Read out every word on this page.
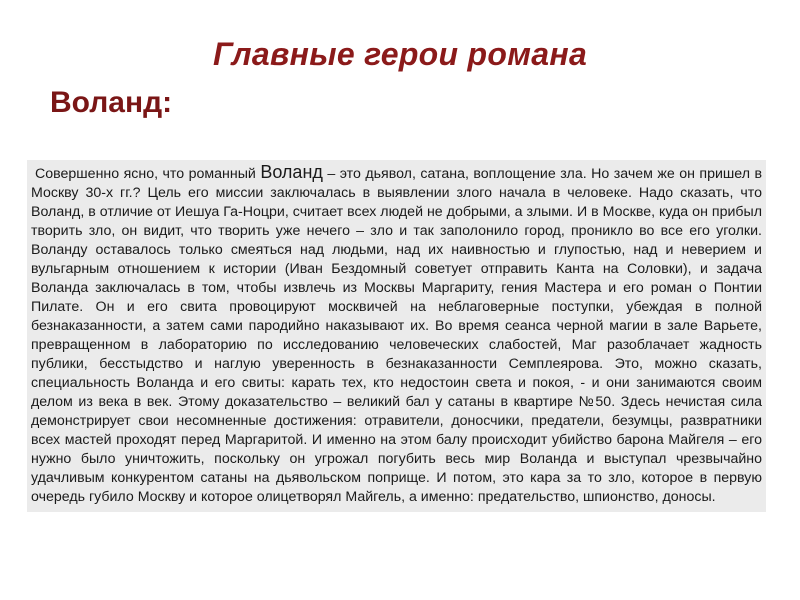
Главные герои романа
Воланд:

Совершенно ясно, что романный Воланд – это дьявол, сатана, воплощение зла. Но зачем же он пришел в Москву 30-х гг.? Цель его миссии заключалась в выявлении злого начала в человеке. Надо сказать, что Воланд, в отличие от Иешуа Га-Ноцри, считает всех людей не добрыми, а злыми. И в Москве, куда он прибыл творить зло, он видит, что творить уже нечего – зло и так заполонило город, проникло во все его уголки. Воланду оставалось только смеяться над людьми, над их наивностью и глупостью, над и неверием и вульгарным отношением к истории (Иван Бездомный советует отправить Канта на Соловки), и задача Воланда заключалась в том, чтобы извлечь из Москвы Маргариту, гения Мастера и его роман о Понтии Пилате. Он и его свита провоцируют москвичей на неблаговерные поступки, убеждая в полной безнаказанности, а затем сами пародийно наказывают их. Во время сеанса черной магии в зале Варьете, превращенном в лабораторию по исследованию человеческих слабостей, Маг разоблачает жадность публики, бесстыдство и наглую уверенность в безнаказанности Семплеярова. Это, можно сказать, специальность Воланда и его свиты: карать тех, кто недостоин света и покоя, - и они занимаются своим делом из века в век. Этому доказательство – великий бал у сатаны в квартире №50. Здесь нечистая сила демонстрирует свои несомненные достижения: отравители, доносчики, предатели, безумцы, развратники всех мастей проходят перед Маргаритой. И именно на этом балу происходит убийство барона Майгеля – его нужно было уничтожить, поскольку он угрожал погубить весь мир Воланда и выступал чрезвычайно удачливым конкурентом сатаны на дьявольском поприще. И потом, это кара за то зло, которое в первую очередь губило Москву и которое олицетворял Майгель, а именно: предательство, шпионство, доносы.
